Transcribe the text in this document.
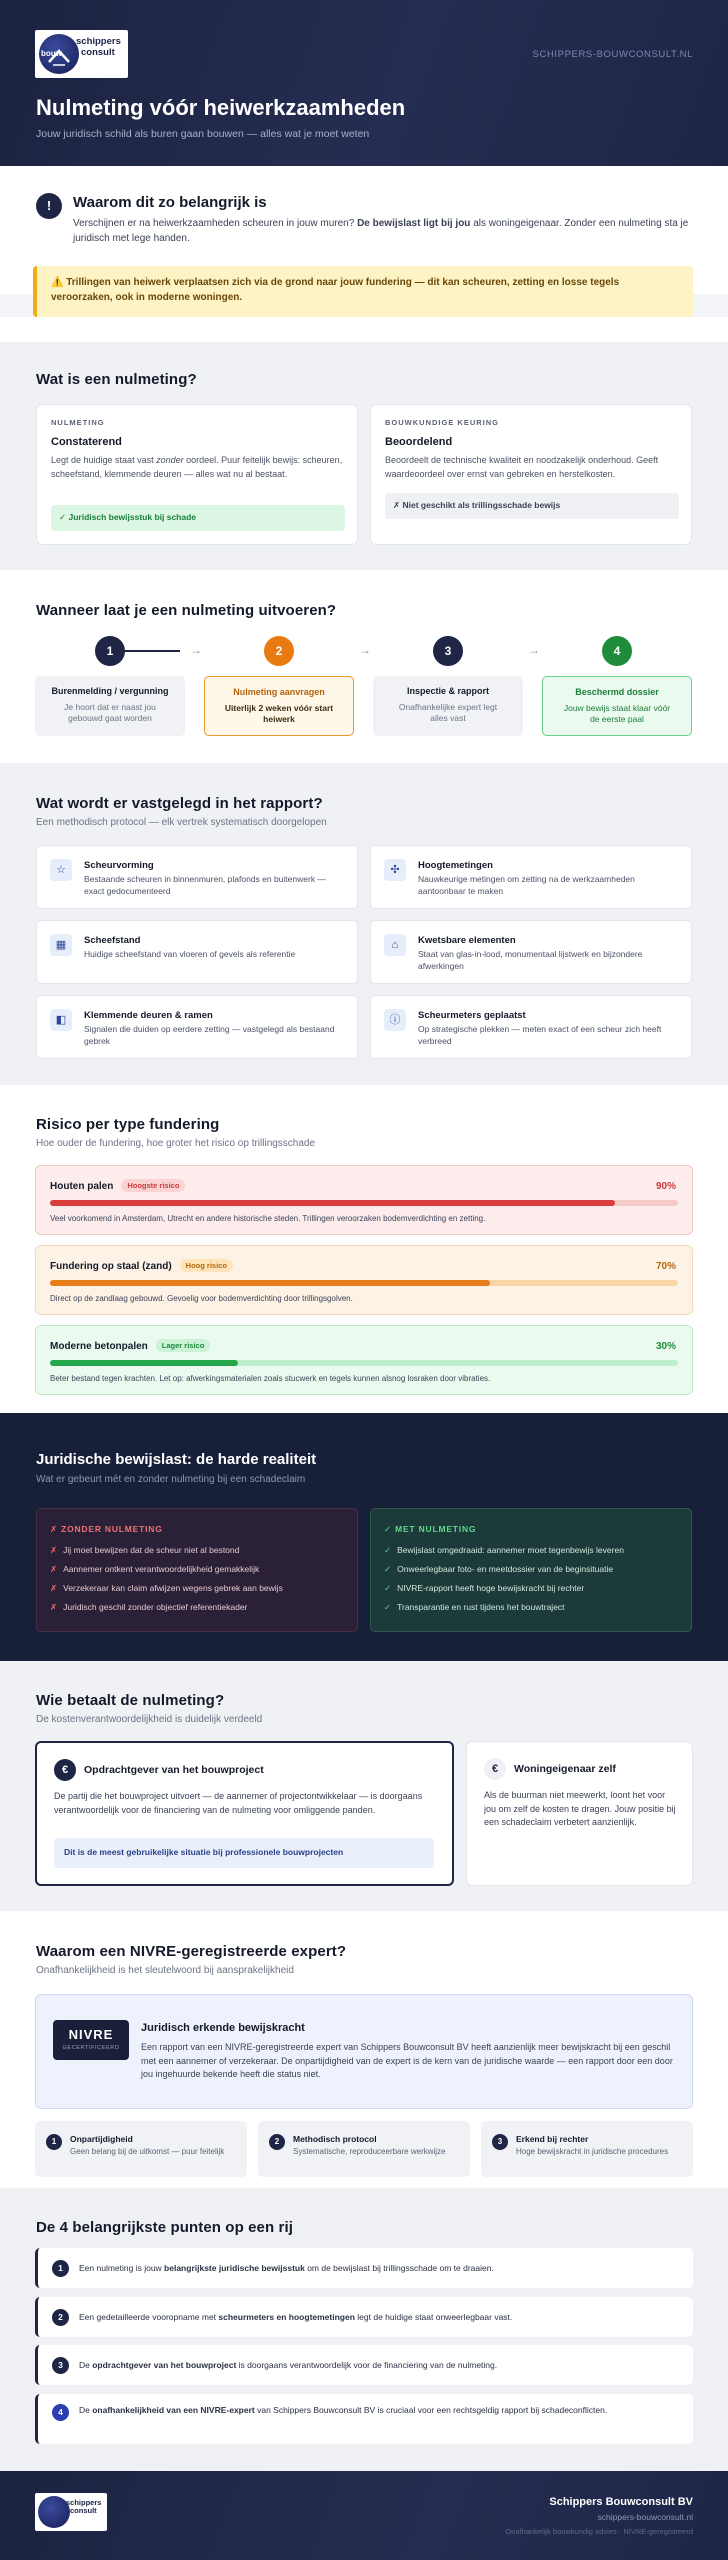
bouw
schippers
consult	SCHIPPERS-BOUWCONSULT.NL
Nulmeting vóór heiwerkzaamheden
Jouw juridisch schild als buren gaan bouwen — alles wat je moet weten
!	Waarom dit zo belangrijk is
Verschijnen er na heiwerkzaamheden scheuren in jouw muren? De bewijslast ligt bij jou als woningeigenaar. Zonder een nulmeting sta je juridisch met lege handen.
⚠️ Trillingen van heiwerk verplaatsen zich via de grond naar jouw fundering — dit kan scheuren, zetting en losse tegels veroorzaken, ook in moderne woningen.
Wat is een nulmeting?
NULMETING
Constaterend
Legt de huidige staat vast zonder oordeel. Puur feitelijk bewijs: scheuren, scheefstand, klemmende deuren — alles wat nu al bestaat.
✓ Juridisch bewijsstuk bij schade
BOUWKUNDIGE KEURING
Beoordelend
Beoordeelt de technische kwaliteit en noodzakelijk onderhoud. Geeft waardeoordeel over ernst van gebreken en herstelkosten.
✗ Niet geschikt als trillingsschade bewijs
Wanneer laat je een nulmeting uitvoeren?
1	2	3	4
→	→	→
Burenmelding / vergunning
Je hoort dat er naast jou gebouwd gaat worden
Nulmeting aanvragen
Uiterlijk 2 weken vóór start heiwerk
Inspectie & rapport
Onafhankelijke expert legt alles vast
Beschermd dossier
Jouw bewijs staat klaar vóór de eerste paal
Wat wordt er vastgelegd in het rapport?
Een methodisch protocol — elk vertrek systematisch doorgelopen
☆	Scheurvorming
Bestaande scheuren in binnenmuren, plafonds en buitenwerk — exact gedocumenteerd
✣	Hoogtemetingen
Nauwkeurige metingen om zetting na de werkzaamheden aantoonbaar te maken
▦	Scheefstand
Huidige scheefstand van vloeren of gevels als referentie
⌂	Kwetsbare elementen
Staat van glas-in-lood, monumentaal lijstwerk en bijzondere afwerkingen
◧	Klemmende deuren & ramen
Signalen die duiden op eerdere zetting — vastgelegd als bestaand gebrek
ⓘ	Scheurmeters geplaatst
Op strategische plekken — meten exact of een scheur zich heeft verbreed
Risico per type fundering
Hoe ouder de fundering, hoe groter het risico op trillingsschade
Houten palen Hoogste risico	90%
Veel voorkomend in Amsterdam, Utrecht en andere historische steden. Trillingen veroorzaken bodemverdichting en zetting.
Fundering op staal (zand) Hoog risico	70%
Direct op de zandlaag gebouwd. Gevoelig voor bodemverdichting door trillingsgolven.
Moderne betonpalen Lager risico	30%
Beter bestand tegen krachten. Let op: afwerkingsmaterialen zoals stucwerk en tegels kunnen alsnog losraken door vibraties.
Juridische bewijslast: de harde realiteit
Wat er gebeurt mét en zonder nulmeting bij een schadeclaim
✗ ZONDER NULMETING
✗ Jij moet bewijzen dat de scheur niet al bestond
✗ Aannemer ontkent verantwoordelijkheid gemakkelijk
✗ Verzekeraar kan claim afwijzen wegens gebrek aan bewijs
✗ Juridisch geschil zonder objectief referentiekader
✓ MET NULMETING
✓ Bewijslast omgedraaid: aannemer moet tegenbewijs leveren
✓ Onweerlegbaar foto- en meetdossier van de beginsituatie
✓ NIVRE-rapport heeft hoge bewijskracht bij rechter
✓ Transparantie en rust tijdens het bouwtraject
Wie betaalt de nulmeting?
De kostenverantwoordelijkheid is duidelijk verdeeld
€	Opdrachtgever van het bouwproject
De partij die het bouwproject uitvoert — de aannemer of projectontwikkelaar — is doorgaans verantwoordelijk voor de financiering van de nulmeting voor omliggende panden.
Dit is de meest gebruikelijke situatie bij professionele bouwprojecten
€	Woningeigenaar zelf
Als de buurman niet meewerkt, loont het voor jou om zelf de kosten te dragen. Jouw positie bij een schadeclaim verbetert aanzienlijk.
Waarom een NIVRE-geregistreerde expert?
Onafhankelijkheid is het sleutelwoord bij aansprakelijkheid
NIVRE
GECERTIFICEERD
Juridisch erkende bewijskracht
Een rapport van een NIVRE-geregistreerde expert van Schippers Bouwconsult BV heeft aanzienlijk meer bewijskracht bij een geschil met een aannemer of verzekeraar. De onpartijdigheid van de expert is de kern van de juridische waarde — een rapport door een door jou ingehuurde bekende heeft die status niet.
1	Onpartijdigheid
Geen belang bij de uitkomst — puur feitelijk
2	Methodisch protocol
Systematische, reproduceerbare werkwijze
3	Erkend bij rechter
Hoge bewijskracht in juridische procedures
De 4 belangrijkste punten op een rij
1	Een nulmeting is jouw belangrijkste juridische bewijsstuk om de bewijslast bij trillingsschade om te draaien.
2	Een gedetailleerde vooropname met scheurmeters en hoogtemetingen legt de huidige staat onweerlegbaar vast.
3	De opdrachtgever van het bouwproject is doorgaans verantwoordelijk voor de financiering van de nulmeting.
4	De onafhankelijkheid van een NIVRE-expert van Schippers Bouwconsult BV is cruciaal voor een rechtsgeldig rapport bij schadeconflicten.
schippers
consult
Schippers Bouwconsult BV
schippers-bouwconsult.nl
Onafhankelijk bouwkundig advies · NIVRE-geregistreerd
